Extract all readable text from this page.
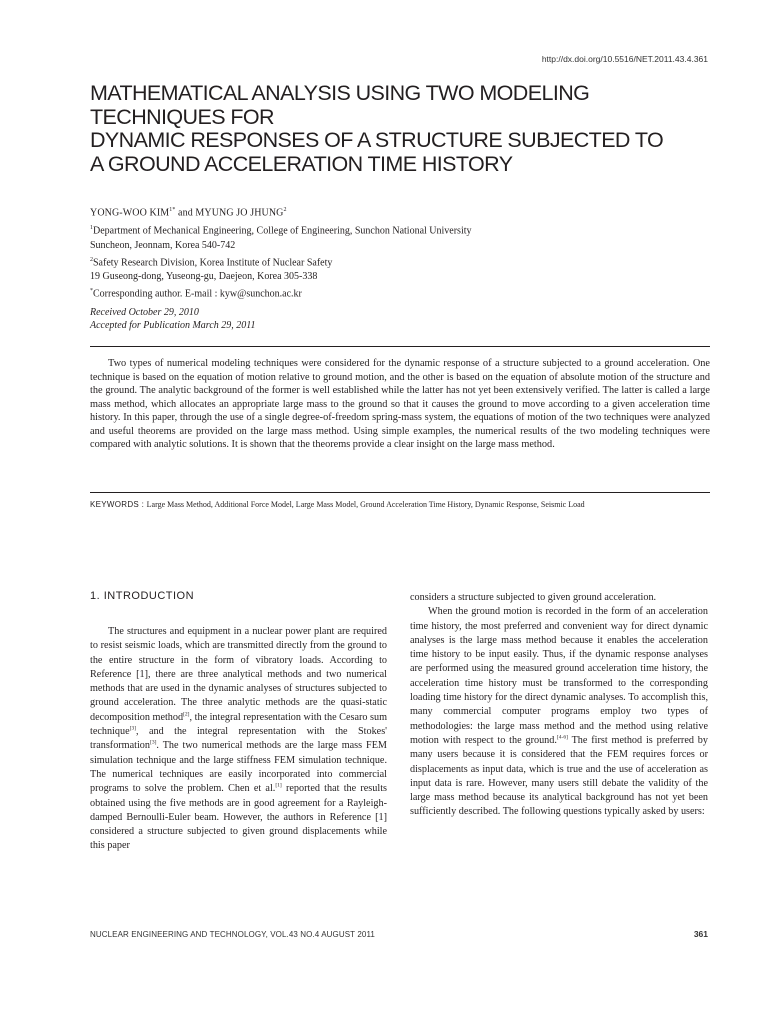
http://dx.doi.org/10.5516/NET.2011.43.4.361
MATHEMATICAL ANALYSIS USING TWO MODELING
TECHNIQUES FOR
DYNAMIC RESPONSES OF A STRUCTURE SUBJECTED TO
A GROUND ACCELERATION TIME HISTORY
YONG-WOO $KIM^{1*}$ and MYUNG JO JHUNG$^2$
$^1$Department of Mechanical Engineering, College of Engineering, Sunchon National University
Suncheon, Jeonnam, Korea 540-742
$^2$Safety Research Division, Korea Institute of Nuclear Safety
19 Guseong-dong, Yuseong-gu, Daejeon, Korea 305-338
*Corresponding author. E-mail : kyw@sunchon.ac.kr
Received October 29, 2010
Accepted for Publication March 29, 2011

Two types of numerical modeling techniques were considered for the dynamic response of a structure subjected to a ground acceleration. One technique is based on the equation of motion relative to ground motion, and the other is based on the equation of absolute motion of the structure and the ground. The analytic background of the former is well established while the latter has not yet been extensively verified. The latter is called a large mass method, which allocates an appropriate large mass to the ground so that it causes the ground to move according to a given acceleration time history. In this paper, through the use of a single degree-of-freedom spring-mass system, the equations of motion of the two techniques were analyzed and useful theorems are provided on the large mass method. Using simple examples, the numerical results of the two modeling techniques were compared with analytic solutions. It is shown that the theorems provide a clear insight on the large mass method.

KEYWORDS : Large Mass Method, Additional Force Model, Large Mass Model, Ground Acceleration Time History, Dynamic Response, Seismic Load
1. INTRODUCTION

The structures and equipment in a nuclear power plant are required to resist seismic loads, which are transmitted directly from the ground to the entire structure in the form of vibratory loads. According to Reference [1], there are three analytical methods and two numerical methods that are used in the dynamic analyses of structures subjected to ground acceleration. The three analytic methods are the quasi-static decomposition method[2], the integral representation with the Cesaro sum technique[3], and the integral representation with the Stokes' transformation[3]. The two numerical methods are the large mass FEM simulation technique and the large stiffness FEM simulation technique. The numerical techniques are easily incorporated into commercial programs to solve the problem. Chen et al.[1] reported that the results obtained using the five methods are in good agreement for a Rayleigh-damped Bernoulli-Euler beam. However, the authors in Reference [1] considered a structure subjected to given ground displacements while this paper

considers a structure subjected to given ground acceleration.

When the ground motion is recorded in the form of an acceleration time history, the most preferred and convenient way for direct dynamic analyses is the large mass method because it enables the acceleration time history to be input easily. Thus, if the dynamic response analyses are performed using the measured ground acceleration time history, the acceleration time history must be transformed to the corresponding loading time history for the direct dynamic analyses. To accomplish this, many commercial computer programs employ two types of methodologies: the large mass method and the method using relative motion with respect to the ground.[4-6] The first method is preferred by many users because it is considered that the FEM requires forces or displacements as input data, which is true and the use of acceleration as input data is rare. However, many users still debate the validity of the large mass method because its analytical background has not yet been sufficiently described. The following questions typically asked by users:

NUCLEAR ENGINEERING AND TECHNOLOGY, VOL.43 NO.4 AUGUST 2011	361
